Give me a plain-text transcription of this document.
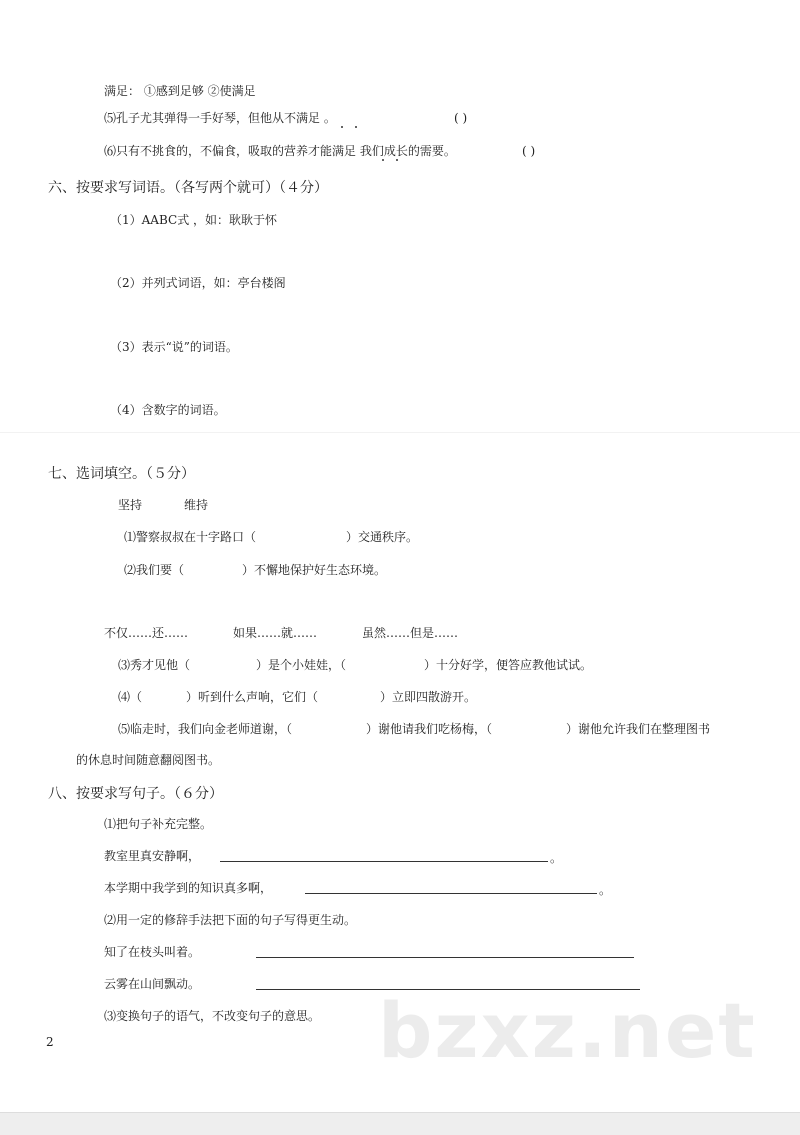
满足： ①感到足够 ②使满足
⑸孔子尤其弹得一手好琴，但他从不满足 。	( )
⑹只有不挑食的，不偏食，吸取的营养才能满足 我们成长的需要。	( )
六、按要求写词语。（各写两个就可）（４分）
（1）AABC式 ，如：耿耿于怀
（2）并列式词语，如：亭台楼阁
（3）表示“说”的词语。
（4）含数字的词语。
七、选词填空。（５分）
坚持	维持
⑴警察叔叔在十字路口（	）交通秩序。
⑵我们要（	）不懈地保护好生态环境。
不仅……还……	如果……就……	虽然……但是……
⑶秀才见他（	）是个小娃娃，（	）十分好学，便答应教他试试。
⑷（	）听到什么声响，它们（	）立即四散游开。
⑸临走时，我们向金老师道谢，（	）谢他请我们吃杨梅，（	）谢他允许我们在整理图书
的休息时间随意翻阅图书。
八、按要求写句子。（６分）
⑴把句子补充完整。
教室里真安静啊，	。
本学期中我学到的知识真多啊，	。
⑵用一定的修辞手法把下面的句子写得更生动。
知了在枝头叫着。
云雾在山间飘动。
⑶变换句子的语气，不改变句子的意思。 bzxz.net
2
